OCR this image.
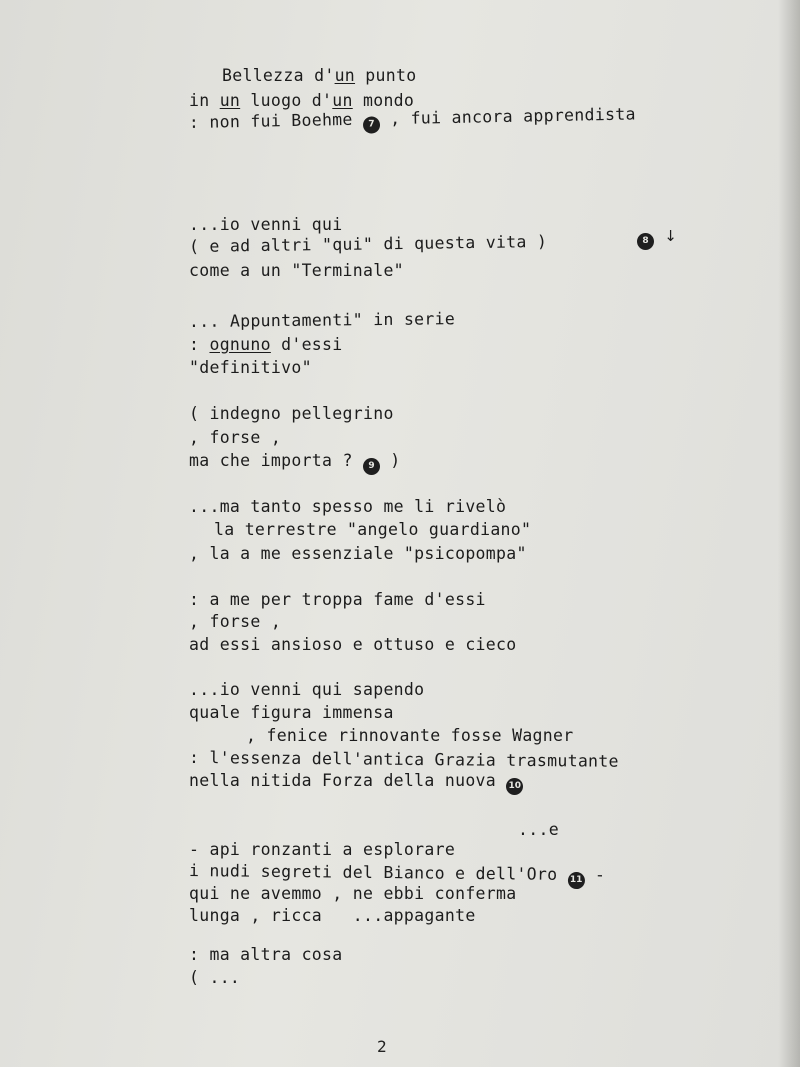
Bellezza d'un punto
in un luogo d'un mondo
: non fui Boehme 7 , fui ancora apprendista
...io venni qui
( e ad altri "qui" di questa vita )	8 ↓
come a un "Terminale"
... Appuntamenti" in serie
: ognuno d'essi
"definitivo"
( indegno pellegrino
, forse ,
ma che importa ? 9 )
...ma tanto spesso me li rivelò
la terrestre "angelo guardiano"
, la a me essenziale "psicopompa"
: a me per troppa fame d'essi
, forse ,
ad essi ansioso e ottuso e cieco
...io venni qui sapendo
quale figura immensa
, fenice rinnovante fosse Wagner
: l'essenza dell'antica Grazia trasmutante
nella nitida Forza della nuova 10
...e
- api ronzanti a esplorare
i nudi segreti del Bianco e dell'Oro 11 -
qui ne avemmo , ne ebbi conferma
lunga , ricca   ...appagante
: ma altra cosa
( ...
2
